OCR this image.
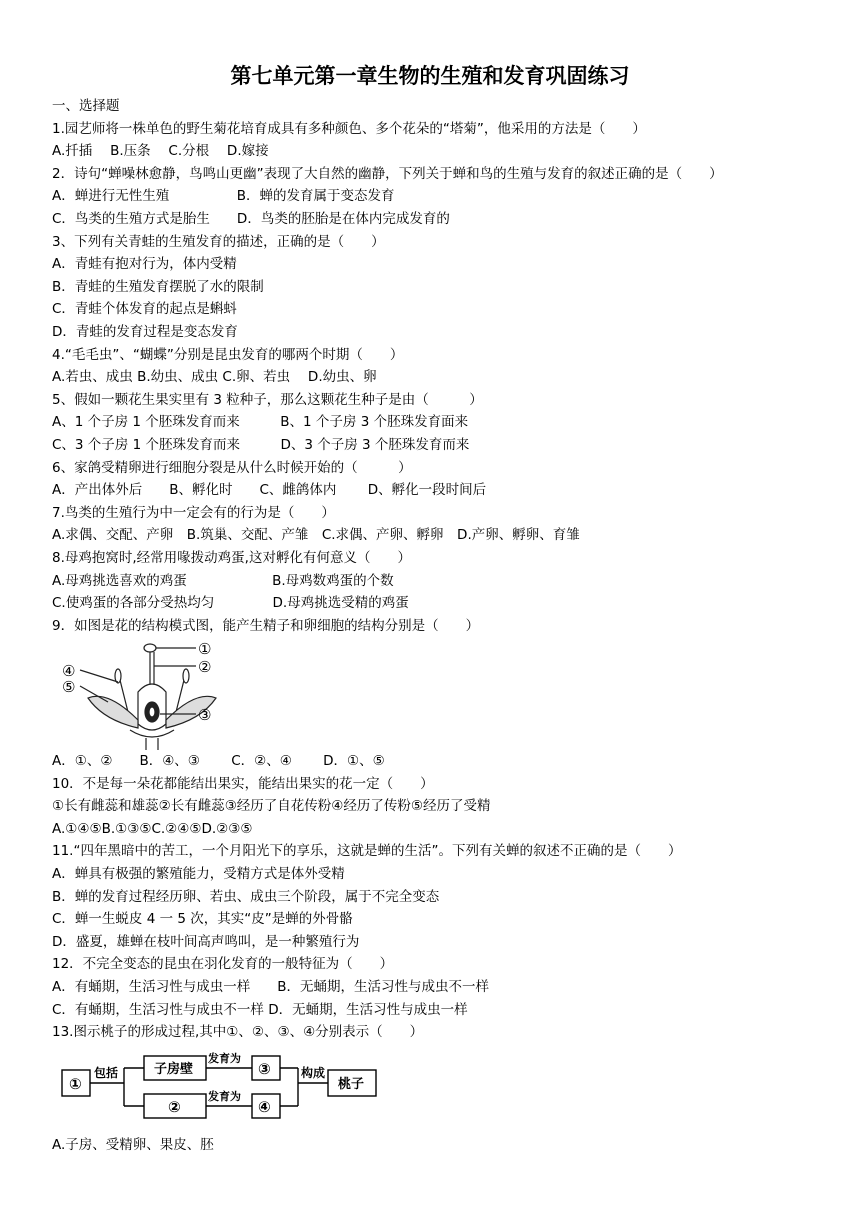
第七单元第一章生物的生殖和发育巩固练习
一、选择题
1.园艺师将一株单色的野生菊花培育成具有多种颜色、多个花朵的“塔菊”，他采用的方法是（　　）
A.扦插　 B.压条　 C.分根　 D.嫁接
2．诗句“蝉噪林愈静，鸟鸣山更幽”表现了大自然的幽静，下列关于蝉和鸟的生殖与发育的叙述正确的是（　　）
A．蝉进行无性生殖　　　　　B．蝉的发育属于变态发育
C．鸟类的生殖方式是胎生　　D．鸟类的胚胎是在体内完成发育的
3、下列有关青蛙的生殖发育的描述，正确的是（　　）
A．青蛙有抱对行为，体内受精
B．青蛙的生殖发育摆脱了水的限制
C．青蛙个体发育的起点是蝌蚪
D．青蛙的发育过程是变态发育
4.“毛毛虫”、“蝴蝶”分别是昆虫发育的哪两个时期（　　）
A.若虫、成虫 B.幼虫、成虫 C.卵、若虫　 D.幼虫、卵
5、假如一颗花生果实里有 3 粒种子，那么这颗花生种子是由（　　　）
A、1 个子房 1 个胚珠发育而来　　　B、1 个子房 3 个胚珠发育面来
C、3 个子房 1 个胚珠发育而来　　　D、3 个子房 3 个胚珠发育而来
6、家鸽受精卵进行细胞分裂是从什么时候开始的（　　　）
A．产出体外后　　B、孵化时　　C、雌鸽体内　　 D、孵化一段时间后
7.鸟类的生殖行为中一定会有的行为是（　　）
A.求偶、交配、产卵　B.筑巢、交配、产雏　C.求偶、产卵、孵卵　D.产卵、孵卵、育雏
8.母鸡抱窝时,经常用喙拨动鸡蛋,这对孵化有何意义（　　）
A.母鸡挑选喜欢的鸡蛋　　　　　　 B.母鸡数鸡蛋的个数
C.使鸡蛋的各部分受热均匀　　　　 D.母鸡挑选受精的鸡蛋
9．如图是花的结构模式图，能产生精子和卵细胞的结构分别是（　　）
①
②
③
④
⑤
A．①、②　　B．④、③　　 C．②、④　　 D．①、⑤
10．不是每一朵花都能结出果实，能结出果实的花一定（　　）
①长有雌蕊和雄蕊②长有雌蕊③经历了自花传粉④经历了传粉⑤经历了受精
A.①④⑤B.①③⑤C.②④⑤D.②③⑤
11.“四年黑暗中的苦工，一个月阳光下的享乐，这就是蝉的生活”。下列有关蝉的叙述不正确的是（　　）
A．蝉具有极强的繁殖能力，受精方式是体外受精
B．蝉的发育过程经历卵、若虫、成虫三个阶段，属于不完全变态
C．蝉一生蜕皮 4 一 5 次，其实“皮”是蝉的外骨骼
D．盛夏，雄蝉在枝叶间高声鸣叫，是一种繁殖行为
12．不完全变态的昆虫在羽化发育的一般特征为（　　）
A．有蛹期，生活习性与成虫一样　　B．无蛹期，生活习性与成虫不一样
C．有蛹期，生活习性与成虫不一样 D．无蛹期，生活习性与成虫一样
13.图示桃子的形成过程,其中①、②、③、④分别表示（　　）
①
包括	子房壁
发育为
③
②
发育为
④
构成
桃子
A.子房、受精卵、果皮、胚
